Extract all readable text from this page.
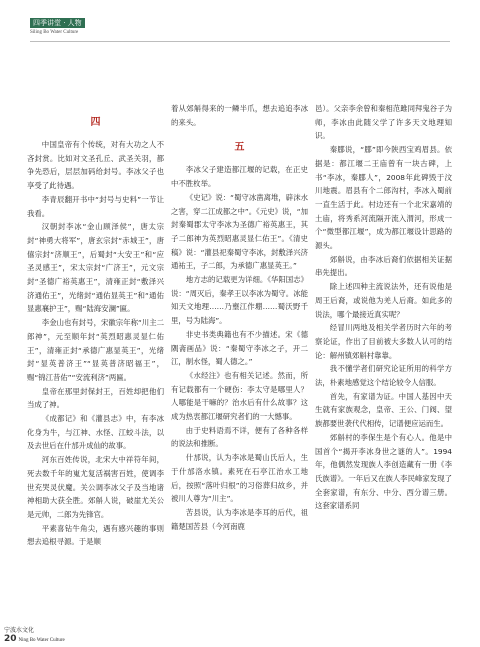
四季讲堂 · 人物
Siling Bo Water Culture
四

中国皇帝有个传统，对有大功之人不吝封赏。比如对文圣孔丘、武圣关羽，都争先恐后，层层加码给封号。李冰父子也享受了此待遇。

李青辰翻开书中“封号与史料”一节让我看。

汉朝封李冰“金山顾泽侯”，唐太宗封“神勇大将军”，唐玄宗封“赤城王”，唐僖宗封“济顺王”，后蜀封“大安王”和“应圣灵感王”，宋太宗封“广济王”，元文宗封“圣德广裕英惠王”，清雍正封“敷泽兴济通佑王”，光绪封“通佑显英王”和“通佑显惠襄护王”，赐“陆海安澜”匾。

李金山也有封号，宋徽宗年称“川主二郎神”，元至顺年封“英烈昭惠灵显仁佑王”，清雍正封“承德广惠显英王”，光绪封“显英普济王”“显英普济昭福王”，赐“锦江昔佑”“安流利济”两匾。

皇帝在那里封保封王，百姓却把他们当成了神。

《成都记》和《灌县志》中，有李冰化身为牛，与江神、水怪、江蛟斗法，以及去世后在什邡升成仙的故事。

河东百姓传说，北宋大中祥符年间，死去数千年的嵬尤复活祸害百姓，使调李世充哭灵伏魔。关公调李冰父子及当地诸神相助大获全胜。郊斛人说，破崖尤关公是元帅，二郎为先锋官。

平素喜钻牛角尖，遇有感兴趣的事则想去追根寻源。于是顺

着从郊斛得来的一鳞半爪，想去追追李冰的来头。

五

李冰父子建造都江堰的记载，在正史中不胜枚举。

《史记》说：“蜀守冰凿离堆，辟沫水之害，穿二江成都之中”。《元史》说，“加封秦蜀郡太守李冰为圣德广裕英惠王，其子二郎神为英烈昭惠灵显仁佑王”。《清史稿》说：“灌县祀秦蜀守李冰，封敷泽兴济通祐王，子二郎，为承德广惠显英王。”

地方志的记载更为详细。《华阳国志》说：“周灭后，秦孝王以李冰为蜀守。冰能知天文地理……乃壅江作堋……蜀沃野千里，号为陆海”。

非史书类典籍也有不少描述。宋《德隅斋画品》说：“秦蜀守李冰之子，开二江，制水怪，蜀人德之。”

《水经注》也有相关记述。然而，所有记载都有一个硬伤：李太守是哪里人？人哪能是干嘛的？治水后有什么故事？这成为热衷都江堰研究者们的一大憾事。

由于史料语焉不详，便有了各种各样的说法和推断。

什邡说，认为李冰是蜀山氏后人，生于什邡洛水镇。素死在石亭江治水工地后，按照“落叶归根”的习俗葬归故乡，并被川人尊为“川主”。

苦县说，认为李冰是李耳的后代，祖籍楚国苦县（今河南鹿

邑）。父亲李余曾和秦相范雎同拜鬼谷子为师，李冰由此随父学了许多天文地理知识。

秦郿说，“郿”即今陕西宝鸡眉县。依据是：都江堰二王庙曾有一块古碑，上书“李冰，秦郿人”，2008年此碑毁于汶川地震。眉县有个二郎沟村，李冰入蜀前一直生活于此。村边还有一个北宋嘉靖的土庙，将秀系河流隔开流入渭河，形成一个“微型都江堰”，成为都江堰设计思路的源头。

郊斛说，由李冰后裔们依据相关证据串先提出。

除上述四种主流说法外，还有说他是周王后裔，或说他为羌人后裔。如此多的说法，哪个最接近真实呢？

经冒川两地及相关学者历时六年的考察论证，作出了目前被大多数人认可的结论：解州镇郊斛村靠靠。

我不懂学者们研究论证所用的科学方法，朴素地感觉这个结论较令人信服。

首先，有家谱为证。中国人基因中天生就有家族观念，皇帝、王公、门阀、望族都要世袭代代相传，记谱便应运而生。

郊斛村的李保生是个有心人。他是中国首个“揭开李冰身世之谜的人”。1994年，他偶然发现族人李创造藏有一册《李氏族谱》。一年后又在族人李民峰家发现了全套家谱，有东分、中分、西分谱三册。这套家谱系同

宁波水文化
20 Ning Bo Water Culture
